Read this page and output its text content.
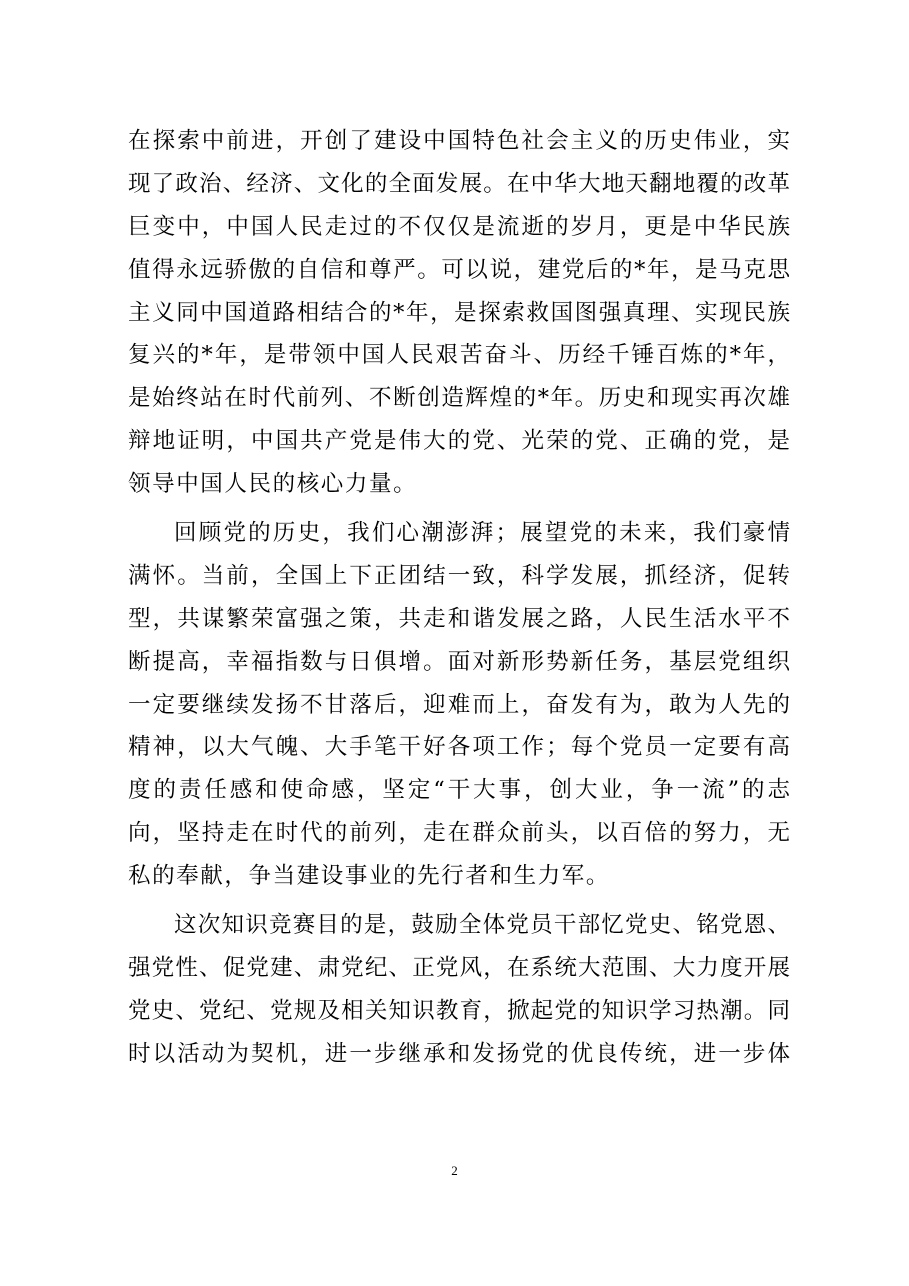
在探索中前进，开创了建设中国特色社会主义的历史伟业，实
现了政治、经济、文化的全面发展。在中华大地天翻地覆的改革
巨变中，中国人民走过的不仅仅是流逝的岁月，更是中华民族
值得永远骄傲的自信和尊严。可以说，建党后的*年，是马克思
主义同中国道路相结合的*年，是探索救国图强真理、实现民族
复兴的*年，是带领中国人民艰苦奋斗、历经千锤百炼的*年，
是始终站在时代前列、不断创造辉煌的*年。历史和现实再次雄
辩地证明，中国共产党是伟大的党、光荣的党、正确的党，是
领导中国人民的核心力量。
回顾党的历史，我们心潮澎湃；展望党的未来，我们豪情
满怀。当前，全国上下正团结一致，科学发展，抓经济，促转
型，共谋繁荣富强之策，共走和谐发展之路，人民生活水平不
断提高，幸福指数与日俱增。面对新形势新任务，基层党组织
一定要继续发扬不甘落后，迎难而上，奋发有为，敢为人先的
精神，以大气魄、大手笔干好各项工作；每个党员一定要有高
度的责任感和使命感，坚定“干大事，创大业，争一流”的志
向，坚持走在时代的前列，走在群众前头，以百倍的努力，无
私的奉献，争当建设事业的先行者和生力军。
这次知识竞赛目的是，鼓励全体党员干部忆党史、铭党恩、
强党性、促党建、肃党纪、正党风，在系统大范围、大力度开展
党史、党纪、党规及相关知识教育，掀起党的知识学习热潮。同
时以活动为契机，进一步继承和发扬党的优良传统，进一步体
2
